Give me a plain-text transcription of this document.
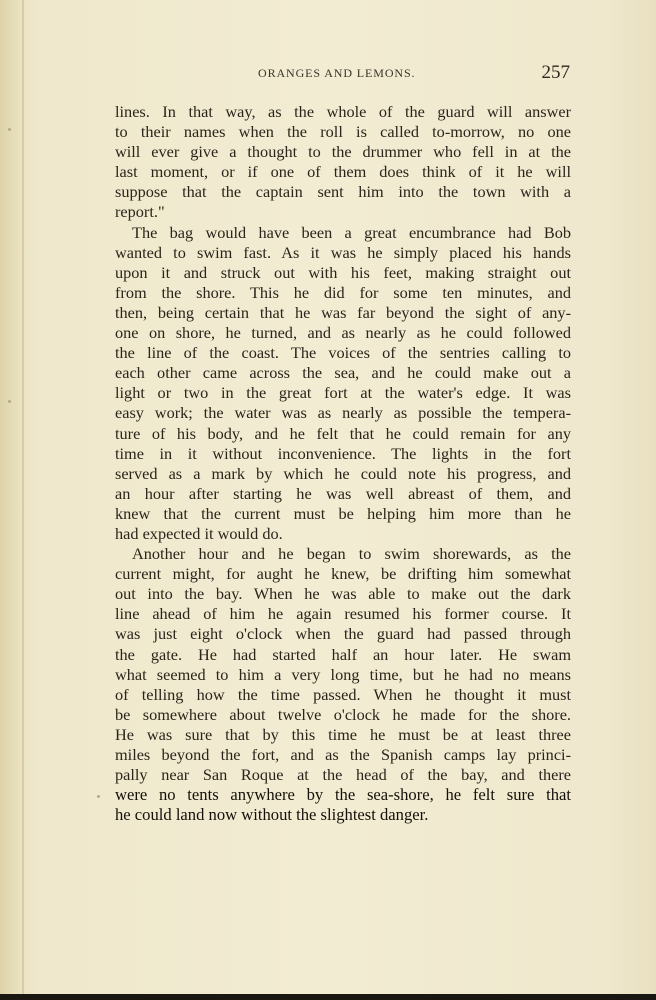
ORANGES AND LEMONS.	257
lines. In that way, as the whole of the guard will answer
to their names when the roll is called to-morrow, no one
will ever give a thought to the drummer who fell in at the
last moment, or if one of them does think of it he will
suppose that the captain sent him into the town with a
report."
The bag would have been a great encumbrance had Bob
wanted to swim fast. As it was he simply placed his hands
upon it and struck out with his feet, making straight out
from the shore. This he did for some ten minutes, and
then, being certain that he was far beyond the sight of any-
one on shore, he turned, and as nearly as he could followed
the line of the coast. The voices of the sentries calling to
each other came across the sea, and he could make out a
light or two in the great fort at the water's edge. It was
easy work; the water was as nearly as possible the tempera-
ture of his body, and he felt that he could remain for any
time in it without inconvenience. The lights in the fort
served as a mark by which he could note his progress, and
an hour after starting he was well abreast of them, and
knew that the current must be helping him more than he
had expected it would do.
Another hour and he began to swim shorewards, as the
current might, for aught he knew, be drifting him somewhat
out into the bay. When he was able to make out the dark
line ahead of him he again resumed his former course. It
was just eight o'clock when the guard had passed through
the gate. He had started half an hour later. He swam
what seemed to him a very long time, but he had no means
of telling how the time passed. When he thought it must
be somewhere about twelve o'clock he made for the shore.
He was sure that by this time he must be at least three
miles beyond the fort, and as the Spanish camps lay princi-
pally near San Roque at the head of the bay, and there
were no tents anywhere by the sea-shore, he felt sure that
he could land now without the slightest danger.
